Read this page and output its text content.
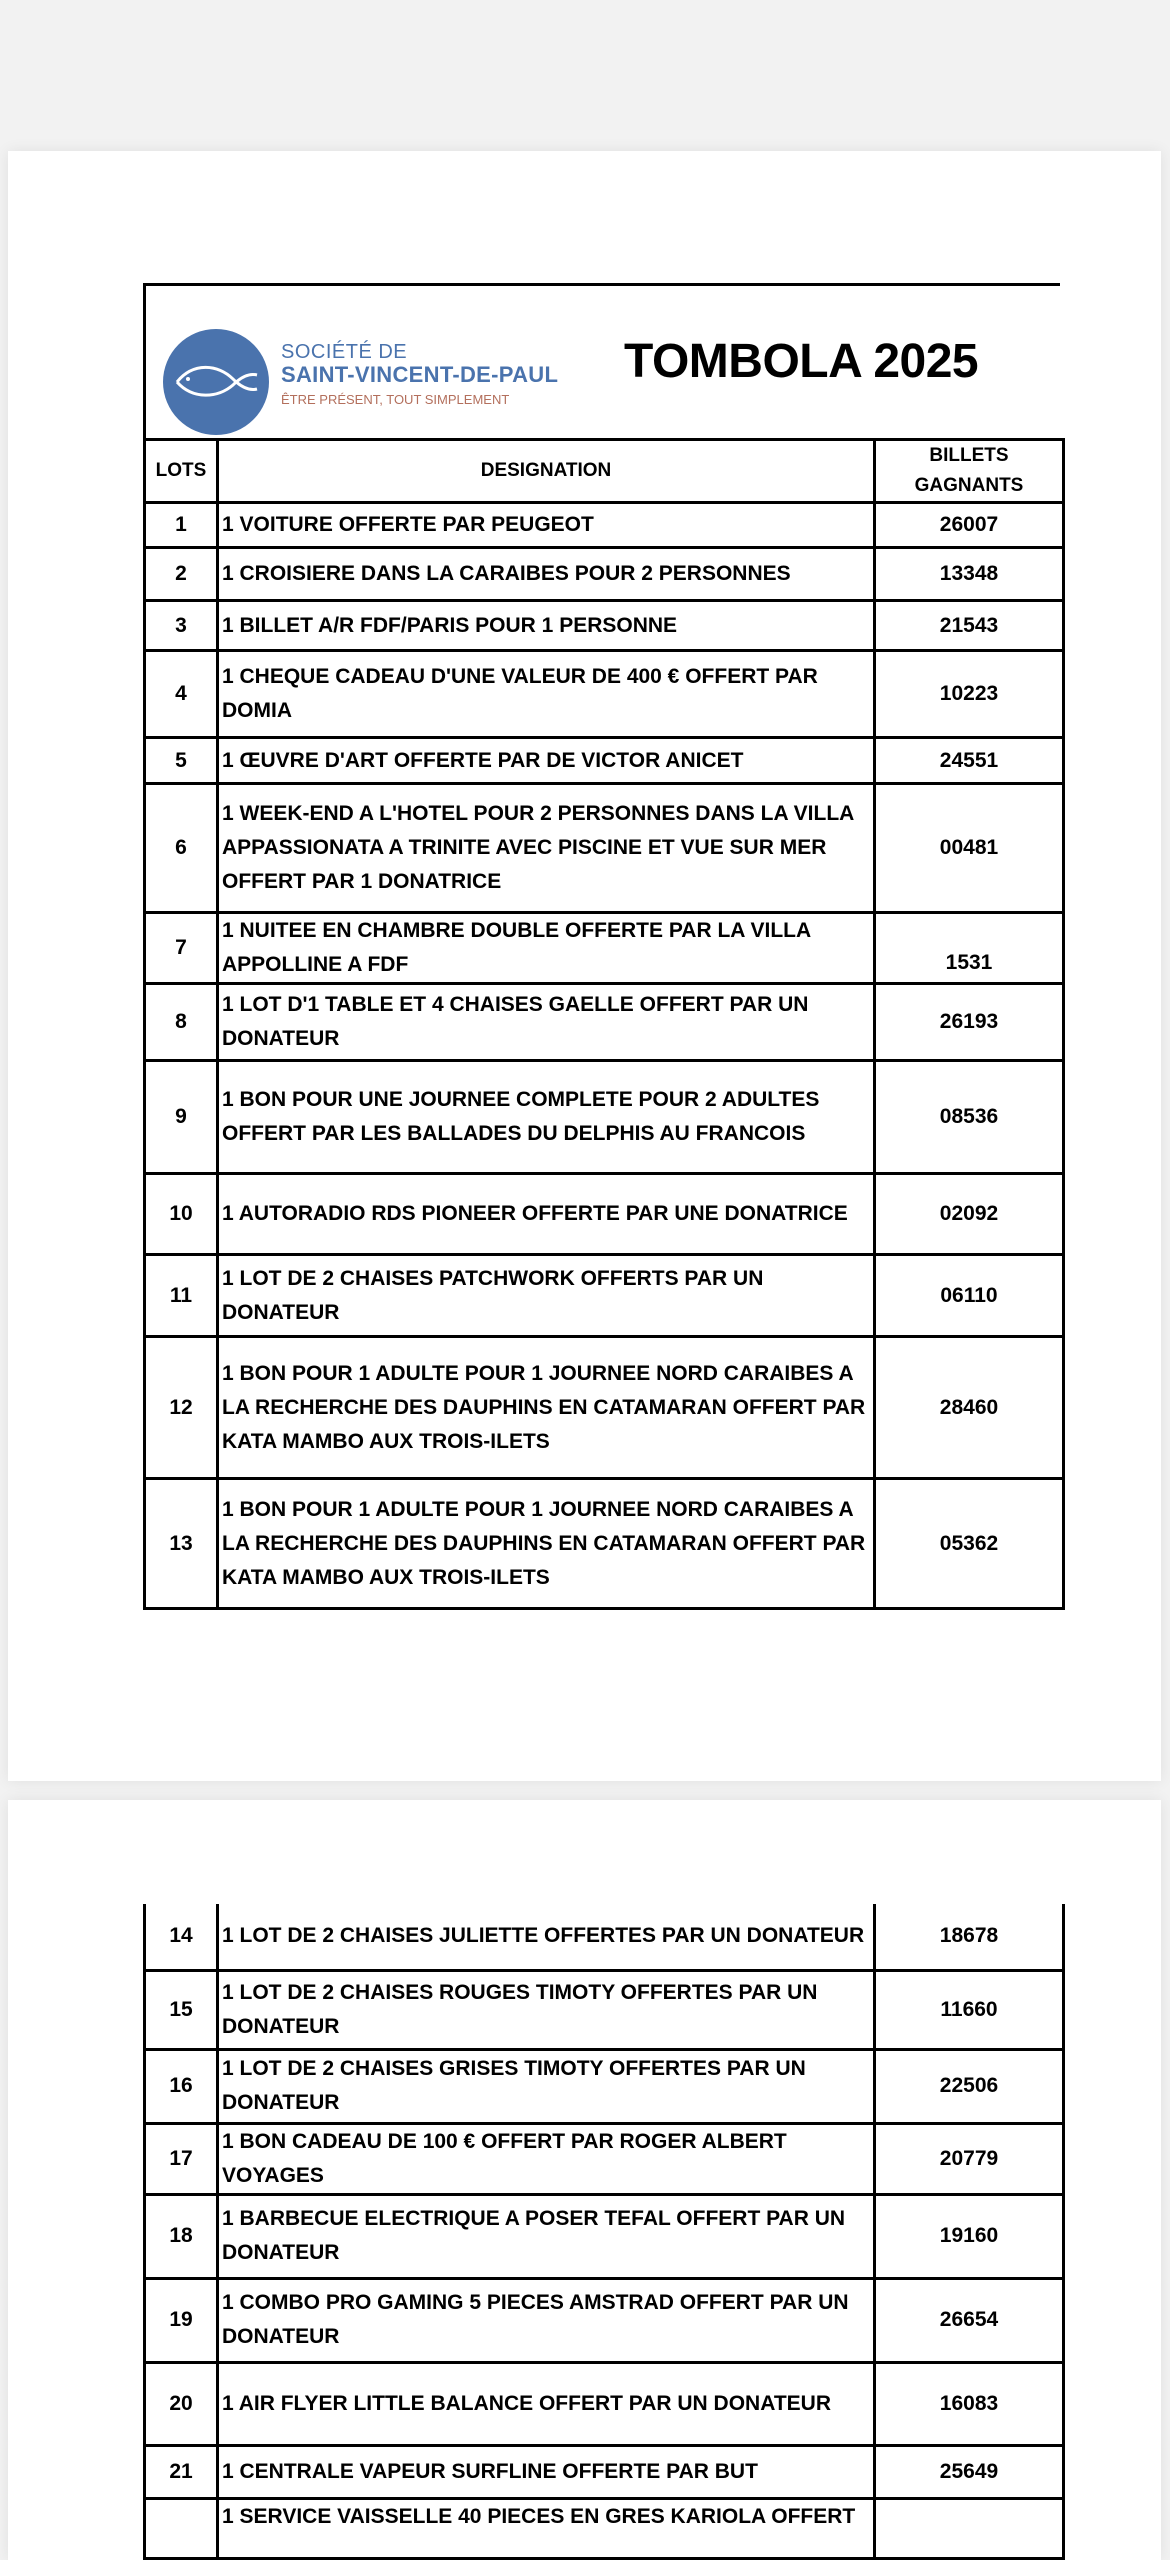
SOCIÉTÉ DE
SAINT-VINCENT-DE-PAUL
ÊTRE PRÉSENT, TOUT SIMPLEMENT
TOMBOLA 2025
LOTS	DESIGNATION	BILLETS GAGNANTS
1	1 VOITURE OFFERTE PAR PEUGEOT	26007
2	1 CROISIERE DANS LA CARAIBES POUR 2 PERSONNES	13348
3	1 BILLET A/R FDF/PARIS POUR 1 PERSONNE	21543
4	1 CHEQUE CADEAU D'UNE VALEUR DE 400 € OFFERT PAR DOMIA	10223
5	1 ŒUVRE D'ART OFFERTE PAR DE VICTOR ANICET	24551
6	1 WEEK-END A L'HOTEL POUR 2 PERSONNES DANS LA VILLA APPASSIONATA A TRINITE AVEC PISCINE ET VUE SUR MER OFFERT PAR 1 DONATRICE	00481
7	1 NUITEE EN CHAMBRE DOUBLE OFFERTE PAR LA VILLA APPOLLINE A FDF	1531
8	1 LOT D'1 TABLE ET 4 CHAISES GAELLE OFFERT PAR UN DONATEUR	26193
9	1 BON POUR UNE JOURNEE COMPLETE POUR 2 ADULTES OFFERT PAR LES BALLADES DU DELPHIS AU FRANCOIS	08536
10	1 AUTORADIO RDS PIONEER OFFERTE PAR UNE DONATRICE	02092
11	1 LOT DE 2 CHAISES PATCHWORK OFFERTS PAR UN DONATEUR	06110
12	1 BON POUR 1 ADULTE POUR 1 JOURNEE NORD CARAIBES A LA RECHERCHE DES DAUPHINS EN CATAMARAN OFFERT PAR KATA MAMBO AUX TROIS-ILETS	28460
13	1 BON POUR 1 ADULTE POUR 1 JOURNEE NORD CARAIBES A LA RECHERCHE DES DAUPHINS EN CATAMARAN OFFERT PAR KATA MAMBO AUX TROIS-ILETS	05362
14	1 LOT DE 2 CHAISES JULIETTE OFFERTES PAR UN DONATEUR	18678
15	1 LOT DE 2 CHAISES ROUGES TIMOTY OFFERTES PAR UN DONATEUR	11660
16	1 LOT DE 2 CHAISES GRISES TIMOTY OFFERTES PAR UN DONATEUR	22506
17	1 BON CADEAU DE 100 € OFFERT PAR ROGER ALBERT VOYAGES	20779
18	1 BARBECUE ELECTRIQUE A POSER TEFAL OFFERT PAR UN DONATEUR	19160
19	1 COMBO PRO GAMING 5 PIECES AMSTRAD OFFERT PAR UN DONATEUR	26654
20	1 AIR FLYER LITTLE BALANCE OFFERT PAR UN DONATEUR	16083
21	1 CENTRALE VAPEUR SURFLINE OFFERTE PAR BUT	25649
	1 SERVICE VAISSELLE 40 PIECES EN GRES KARIOLA OFFERT	
